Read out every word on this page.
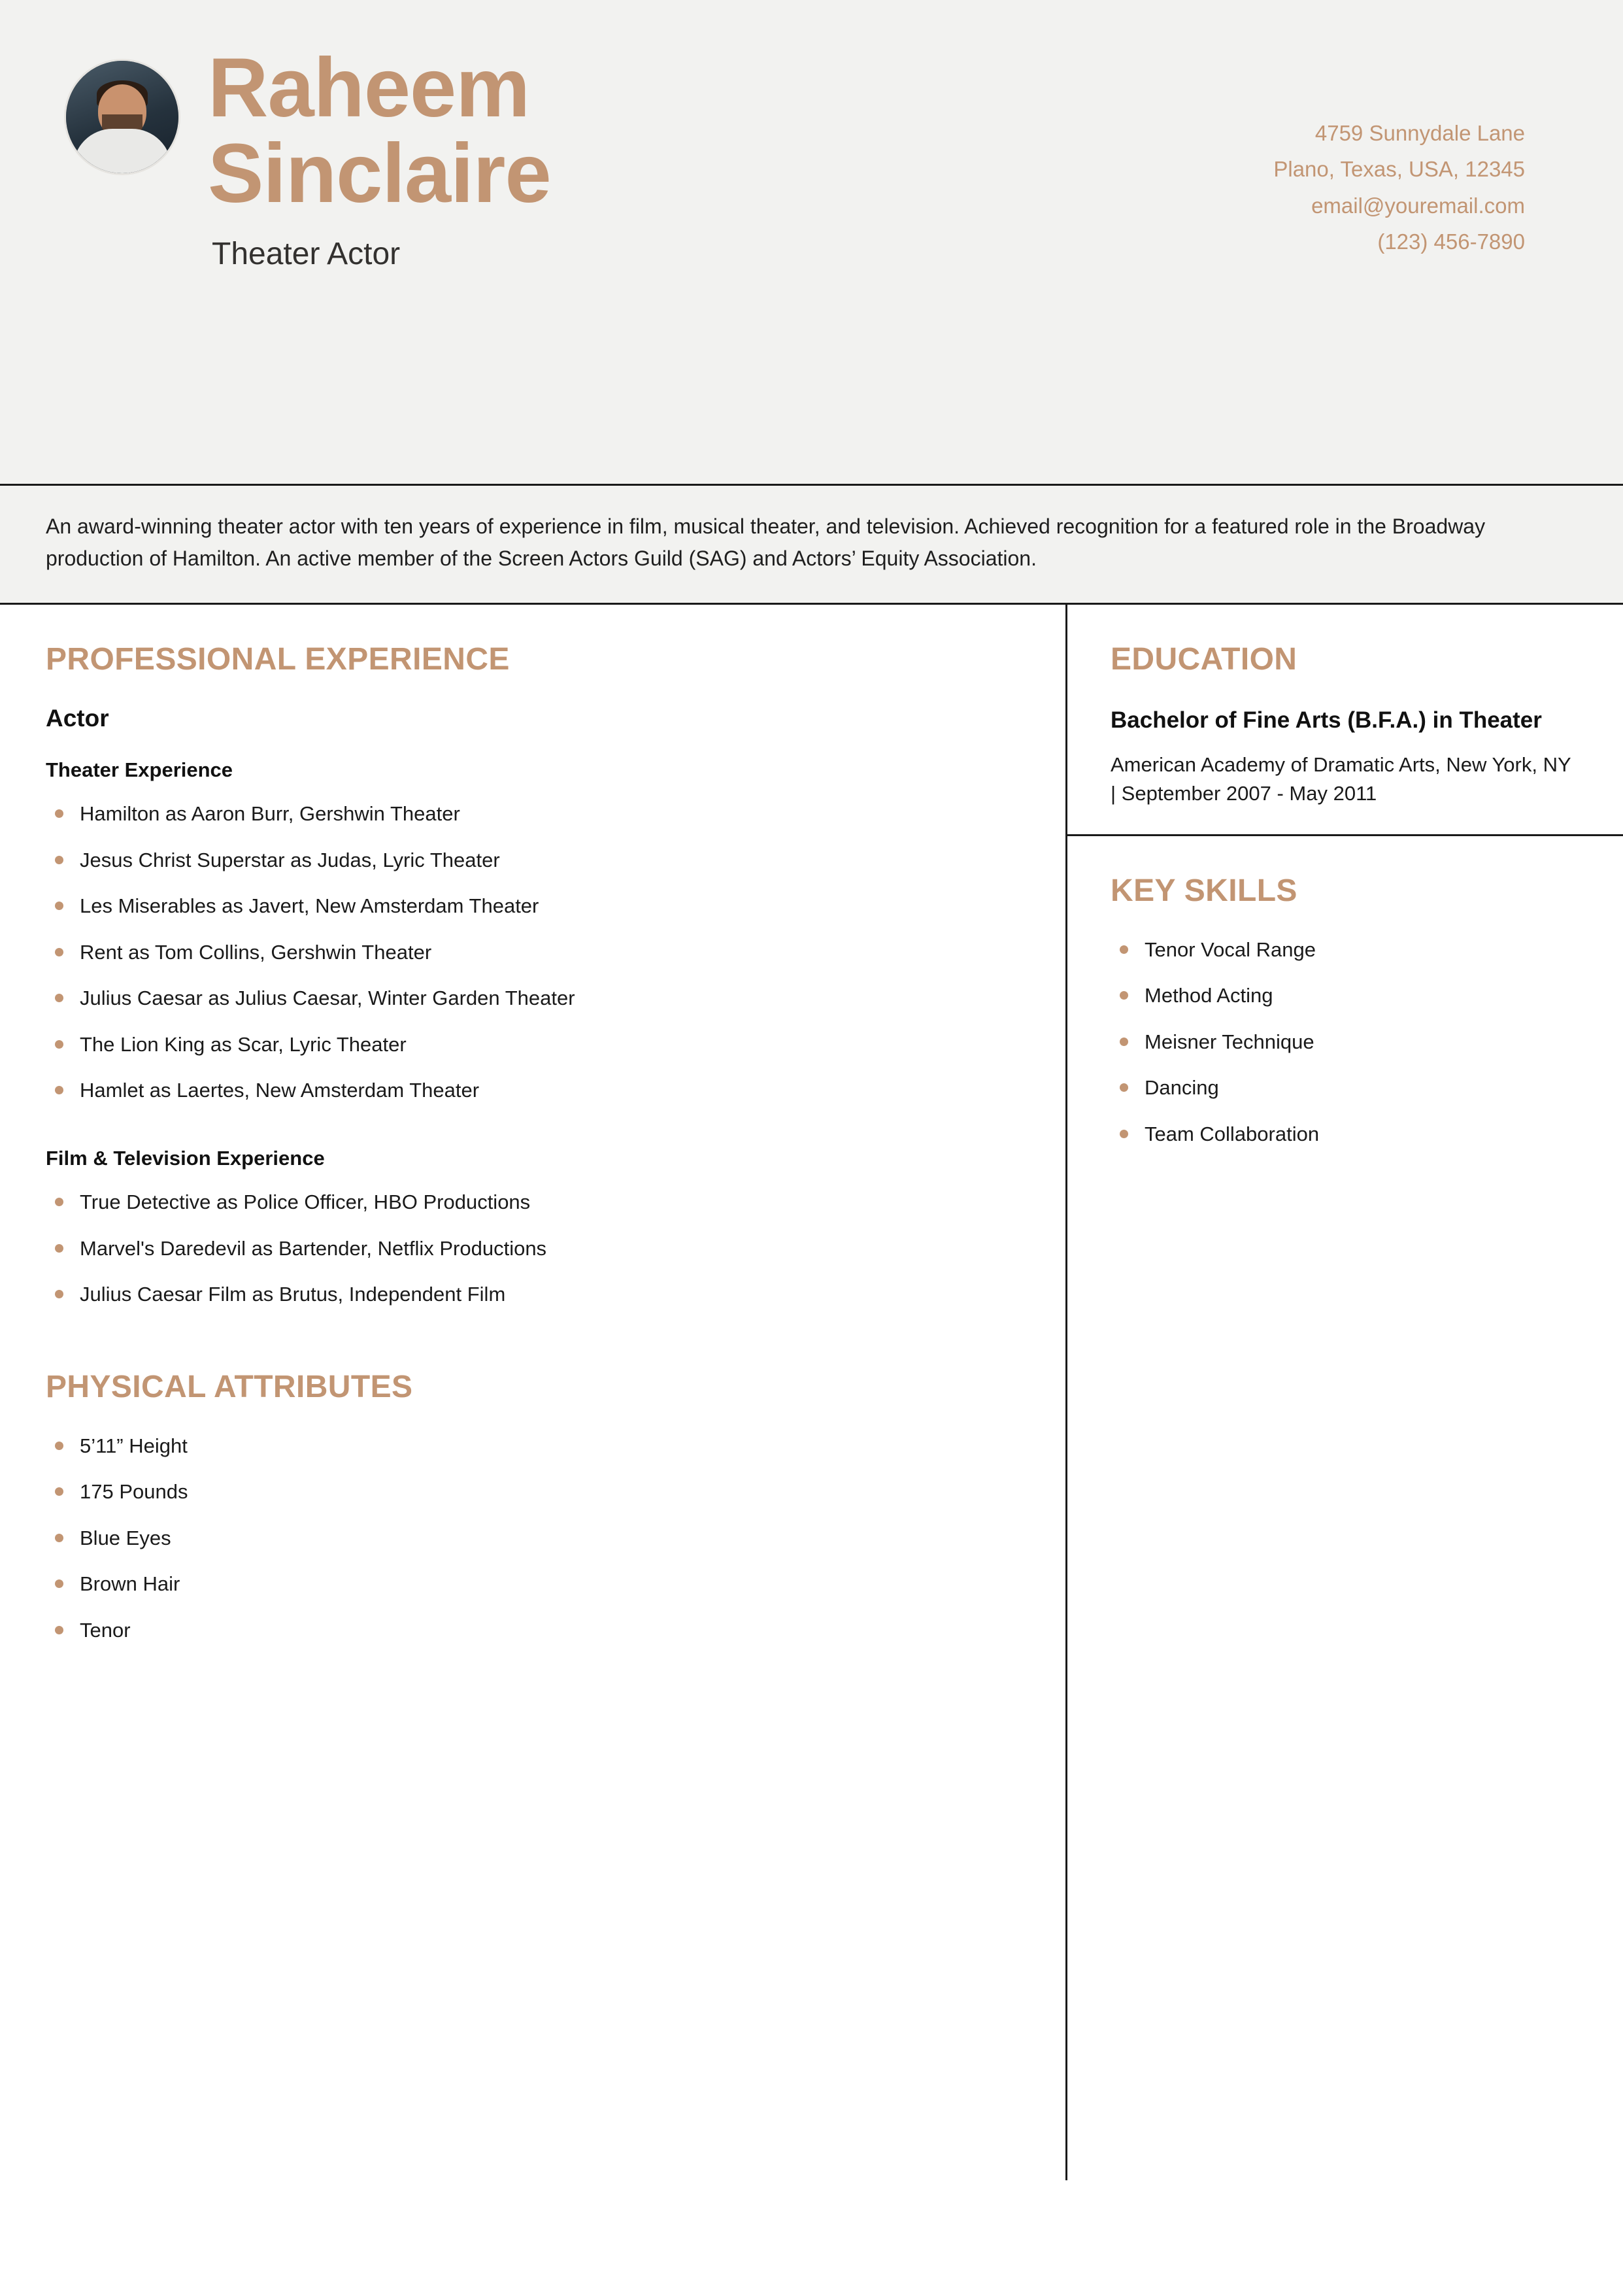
Raheem
Sinclaire
Theater Actor
4759 Sunnydale Lane
Plano, Texas, USA, 12345
email@youremail.com
(123) 456-7890
An award-winning theater actor with ten years of experience in film, musical theater, and television. Achieved recognition for a featured role in the Broadway production of Hamilton. An active member of the Screen Actors Guild (SAG) and Actors’ Equity Association.
PROFESSIONAL EXPERIENCE
Actor
Theater Experience
Hamilton as Aaron Burr, Gershwin Theater
Jesus Christ Superstar as Judas, Lyric Theater
Les Miserables as Javert, New Amsterdam Theater
Rent as Tom Collins, Gershwin Theater
Julius Caesar as Julius Caesar, Winter Garden Theater
The Lion King as Scar, Lyric Theater
Hamlet as Laertes, New Amsterdam Theater
Film & Television Experience
True Detective as Police Officer, HBO Productions
Marvel's Daredevil as Bartender, Netflix Productions
Julius Caesar Film as Brutus, Independent Film
PHYSICAL ATTRIBUTES
5’11” Height
175 Pounds
Blue Eyes
Brown Hair
Tenor
EDUCATION
Bachelor of Fine Arts (B.F.A.) in Theater
American Academy of Dramatic Arts, New York, NY | September 2007 - May 2011
KEY SKILLS
Tenor Vocal Range
Method Acting
Meisner Technique
Dancing
Team Collaboration
